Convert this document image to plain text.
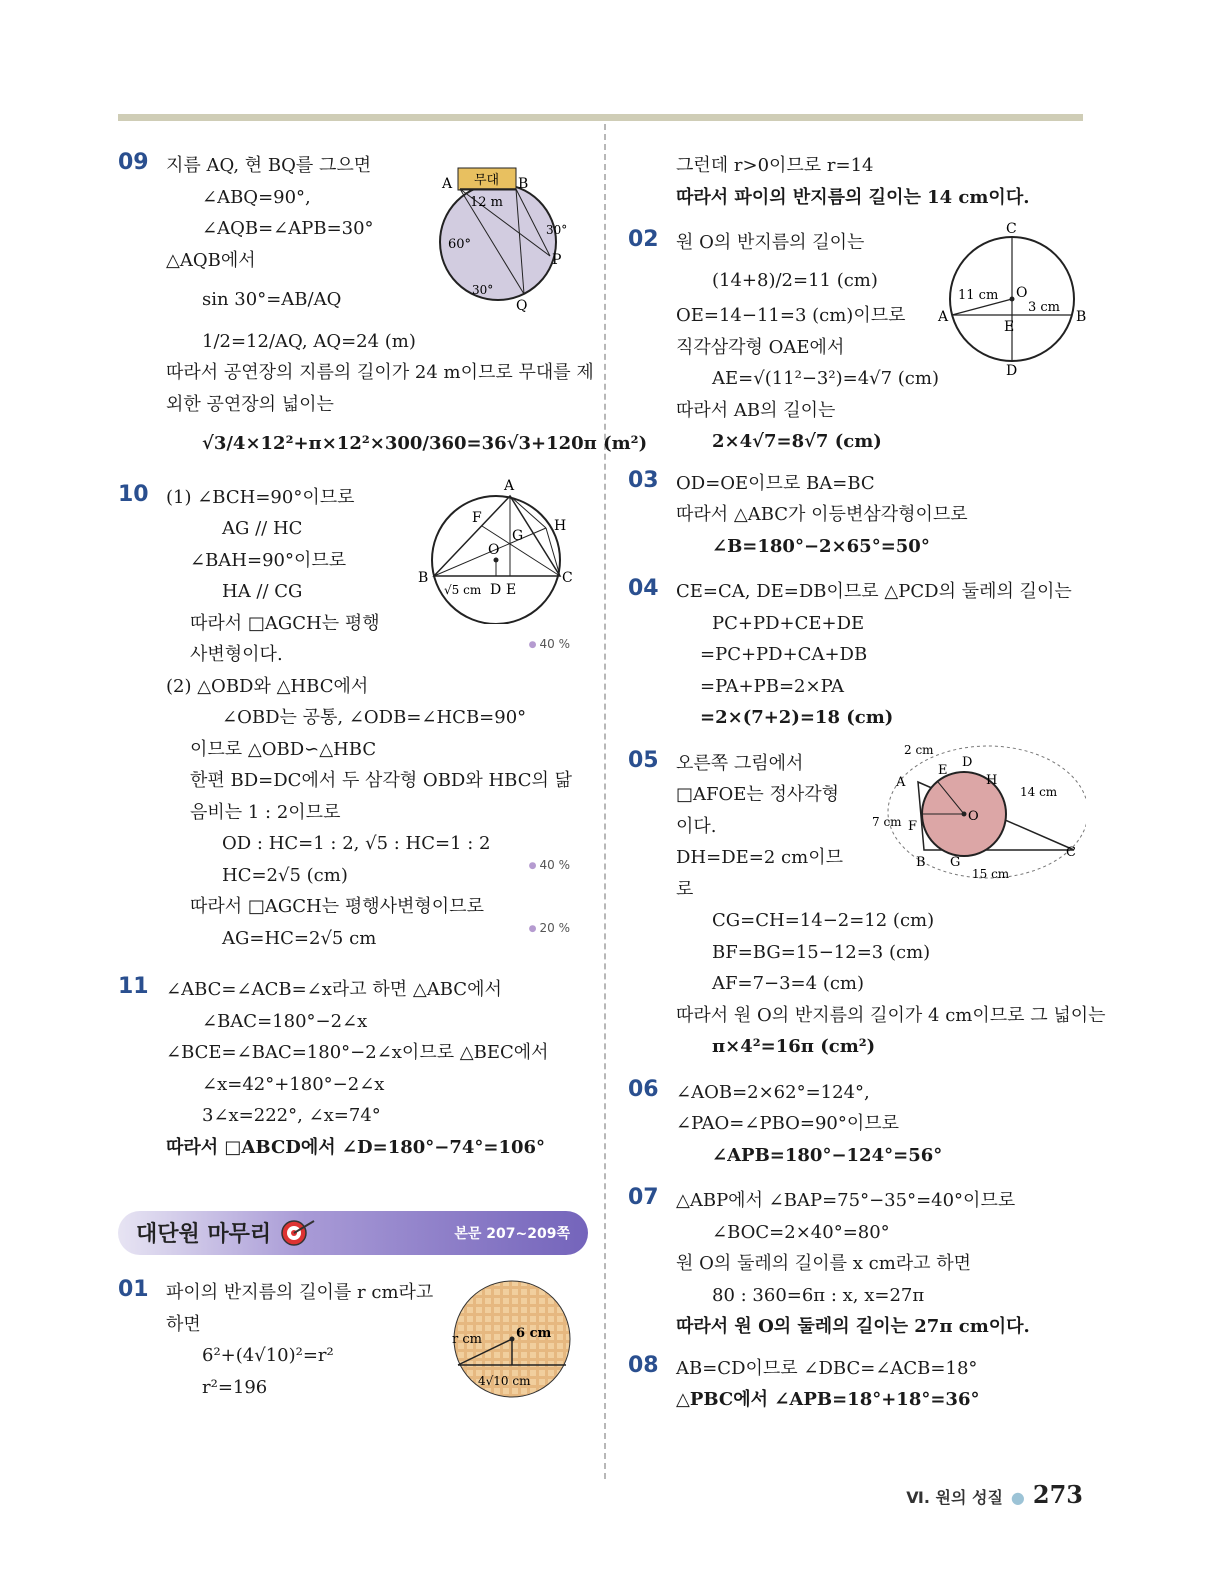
09 지름 AQ, 현 BQ를 그으면
∠ABQ=90°,
∠AQB=∠APB=30°
△AQB에서
sin 30°=AB/AQ
1/2=12/AQ, AQ=24 (m)
따라서 공연장의 지름의 길이가 24 m이므로 무대를 제
외한 공연장의 넓이는
√3/4×12²+π×12²×300/360=36√3+120π (m²)
무대
A	B
12 m
60°
30°
P
30°
Q
10 (1) ∠BCH=90°이므로
AG // HC
∠BAH=90°이므로
HA // CG
따라서 □AGCH는 평행
사변형이다.
(2) △OBD와 △HBC에서
∠OBD는 공통, ∠ODB=∠HCB=90°
이므로 △OBD∽△HBC
한편 BD=DC에서 두 삼각형 OBD와 HBC의 닮
음비는 1 : 2이므로
OD : HC=1 : 2, √5 : HC=1 : 2
HC=2√5 (cm)
따라서 □AGCH는 평행사변형이므로
AG=HC=2√5 cm
● 40 %
● 40 %
● 20 %
A
F
G
H
O
B	C
√5 cm D E
11 ∠ABC=∠ACB=∠x라고 하면 △ABC에서
∠BAC=180°−2∠x
∠BCE=∠BAC=180°−2∠x이므로 △BEC에서
∠x=42°+180°−2∠x
3∠x=222°, ∠x=74°
따라서 □ABCD에서 ∠D=180°−74°=106°
대단원 마무리	본문 207~209쪽
01 파이의 반지름의 길이를 r cm라고
하면
6²+(4√10)²=r²
r²=196
r cm	6 cm
4√10 cm
그런데 r>0이므로 r=14
따라서 파이의 반지름의 길이는 14 cm이다.
02 원 O의 반지름의 길이는
(14+8)/2=11 (cm)
OE=14−11=3 (cm)이므로
직각삼각형 OAE에서
AE=√(11²−3²)=4√7 (cm)
따라서 AB의 길이는
2×4√7=8√7 (cm)
C
11 cm O
3 cm
A
E
B
D
03 OD=OE이므로 BA=BC
따라서 △ABC가 이등변삼각형이므로
∠B=180°−2×65°=50°
04 CE=CA, DE=DB이므로 △PCD의 둘레의 길이는
PC+PD+CE+DE
=PC+PD+CA+DB
=PA+PB=2×PA
=2×(7+2)=18 (cm)
05 오른쪽 그림에서
□AFOE는 정사각형
이다.
DH=DE=2 cm이므
로
CG=CH=14−2=12 (cm)
BF=BG=15−12=3 (cm)
AF=7−3=4 (cm)
따라서 원 O의 반지름의 길이가 4 cm이므로 그 넓이는
π×4²=16π (cm²)
2 cm
E
D
A	H
14 cm
7 cm F
O
B G
C
15 cm
06 ∠AOB=2×62°=124°,
∠PAO=∠PBO=90°이므로
∠APB=180°−124°=56°
07 △ABP에서 ∠BAP=75°−35°=40°이므로
∠BOC=2×40°=80°
원 O의 둘레의 길이를 x cm라고 하면
80 : 360=6π : x, x=27π
따라서 원 O의 둘레의 길이는 27π cm이다.
08 AB=CD이므로 ∠DBC=∠ACB=18°
△PBC에서 ∠APB=18°+18°=36°
Ⅵ. 원의 성질 ● 273
